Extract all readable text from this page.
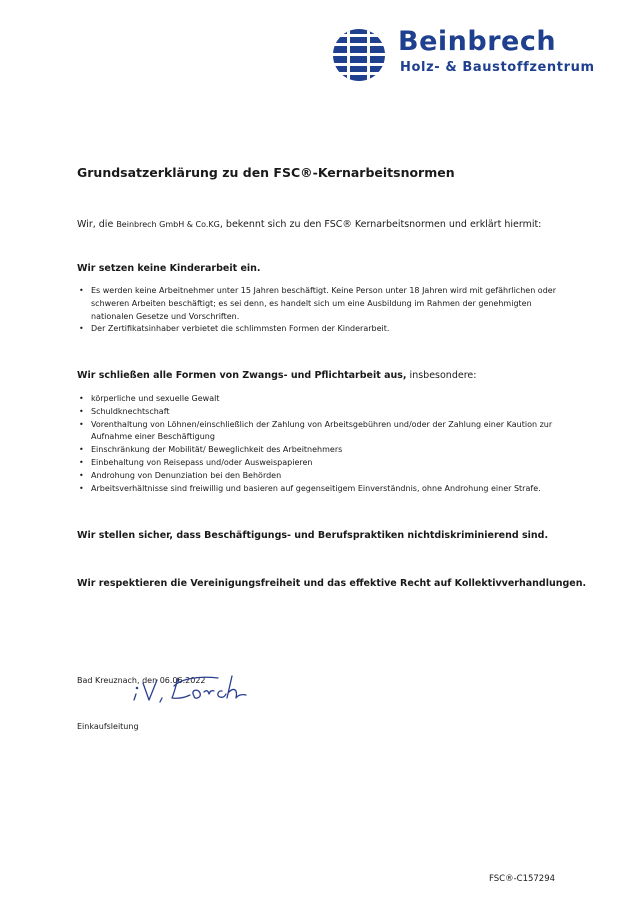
Beinbrech
Holz- & Baustoffzentrum
Grundsatzerklärung zu den FSC®-Kernarbeitsnormen
Wir, die Beinbrech GmbH & Co.KG, bekennt sich zu den FSC® Kernarbeitsnormen und erklärt hiermit:
Wir setzen keine Kinderarbeit ein.
• Es werden keine Arbeitnehmer unter 15 Jahren beschäftigt. Keine Person unter 18 Jahren wird mit gefährlichen oder schweren Arbeiten beschäftigt; es sei denn, es handelt sich um eine Ausbildung im Rahmen der genehmigten nationalen Gesetze und Vorschriften.
• Der Zertifikatsinhaber verbietet die schlimmsten Formen der Kinderarbeit.
Wir schließen alle Formen von Zwangs- und Pflichtarbeit aus, insbesondere:
• körperliche und sexuelle Gewalt
• Schuldknechtschaft
• Vorenthaltung von Löhnen/einschließlich der Zahlung von Arbeitsgebühren und/oder der Zahlung einer Kaution zur Aufnahme einer Beschäftigung
• Einschränkung der Mobilität/ Beweglichkeit des Arbeitnehmers
• Einbehaltung von Reisepass und/oder Ausweispapieren
• Androhung von Denunziation bei den Behörden
• Arbeitsverhältnisse sind freiwillig und basieren auf gegenseitigem Einverständnis, ohne Androhung einer Strafe.
Wir stellen sicher, dass Beschäftigungs- und Berufspraktiken nichtdiskriminierend sind.
Wir respektieren die Vereinigungsfreiheit und das effektive Recht auf Kollektivverhandlungen.
Bad Kreuznach, den 06.06.2022
Einkaufsleitung
FSC®-C157294
